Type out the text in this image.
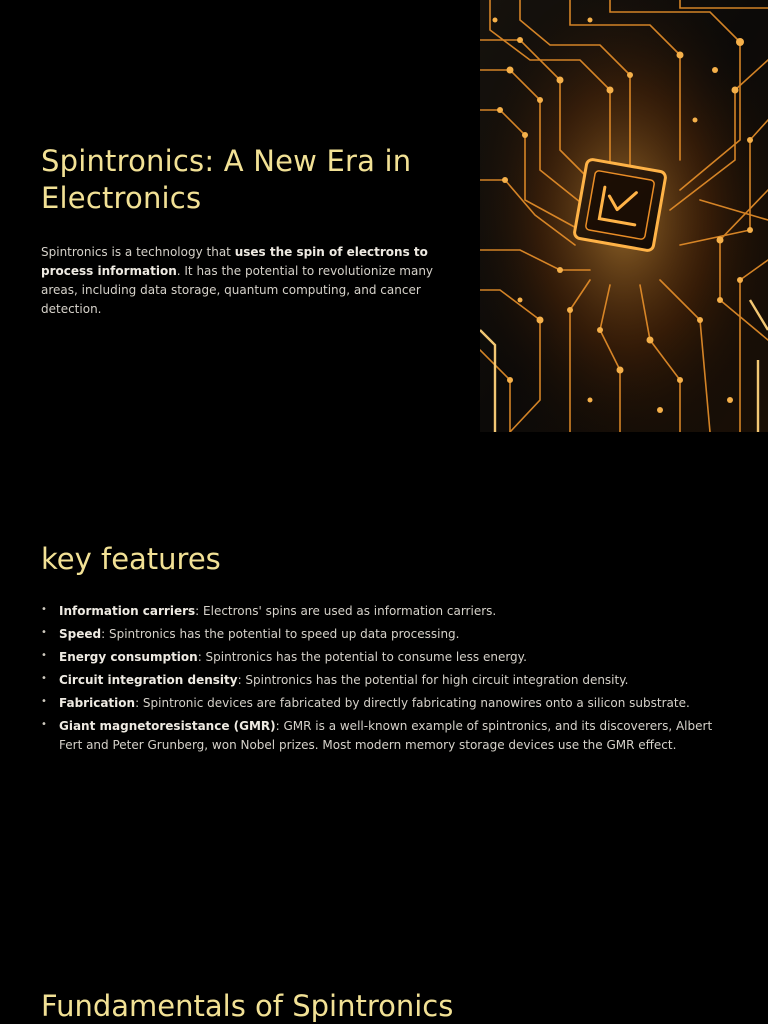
Spintronics: A New Era in Electronics

Spintronics is a technology that uses the spin of electrons to process information. It has the potential to revolutionize many areas, including data storage, quantum computing, and cancer detection.

key features
• Information carriers: Electrons' spins are used as information carriers.
• Speed: Spintronics has the potential to speed up data processing.
• Energy consumption: Spintronics has the potential to consume less energy.
• Circuit integration density: Spintronics has the potential for high circuit integration density.
• Fabrication: Spintronic devices are fabricated by directly fabricating nanowires onto a silicon substrate.
• Giant magnetoresistance (GMR): GMR is a well-known example of spintronics, and its discoverers, Albert Fert and Peter Grunberg, won Nobel prizes. Most modern memory storage devices use the GMR effect.
Fundamentals of Spintronics
